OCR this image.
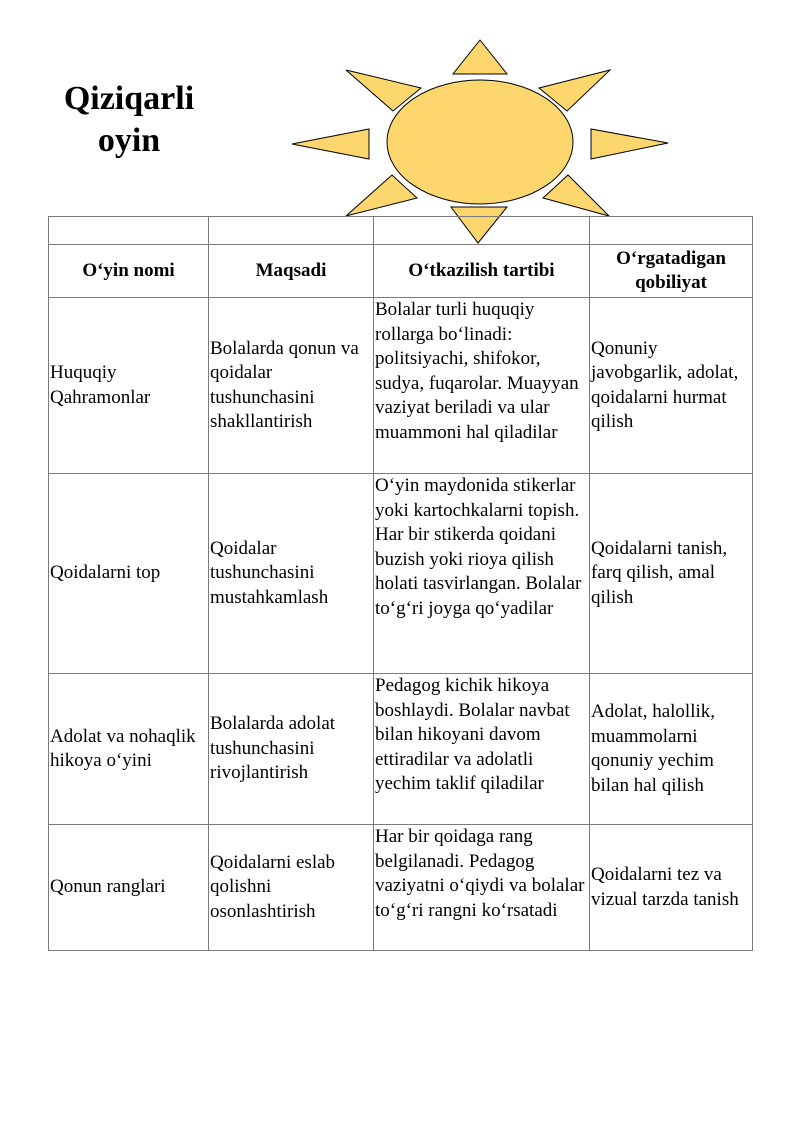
Qiziqarli oyin

O‘yin nomi	Maqsadi	O‘tkazilish tartibi	O‘rgatadigan qobiliyat
Huquqiy Qahramonlar	Bolalarda qonun va qoidalar tushunchasini shakllantirish	Bolalar turli huquqiy rollarga bo‘linadi: politsiyachi, shifokor, sudya, fuqarolar. Muayyan vaziyat beriladi va ular muammoni hal qiladilar	Qonuniy javobgarlik, adolat, qoidalarni hurmat qilish
Qoidalarni top	Qoidalar tushunchasini mustahkamlash	O‘yin maydonida stikerlar yoki kartochkalarni topish. Har bir stikerda qoidani buzish yoki rioya qilish holati tasvirlangan. Bolalar to‘g‘ri joyga qo‘yadilar	Qoidalarni tanish, farq qilish, amal qilish
Adolat va nohaqlik hikoya o‘yini	Bolalarda adolat tushunchasini rivojlantirish	Pedagog kichik hikoya boshlaydi. Bolalar navbat bilan hikoyani davom ettiradilar va adolatli yechim taklif qiladilar	Adolat, halollik, muammolarni qonuniy yechim bilan hal qilish
Qonun ranglari	Qoidalarni eslab qolishni osonlashtirish	Har bir qoidaga rang belgilanadi. Pedagog vaziyatni o‘qiydi va bolalar to‘g‘ri rangni ko‘rsatadi	Qoidalarni tez va vizual tarzda tanish
